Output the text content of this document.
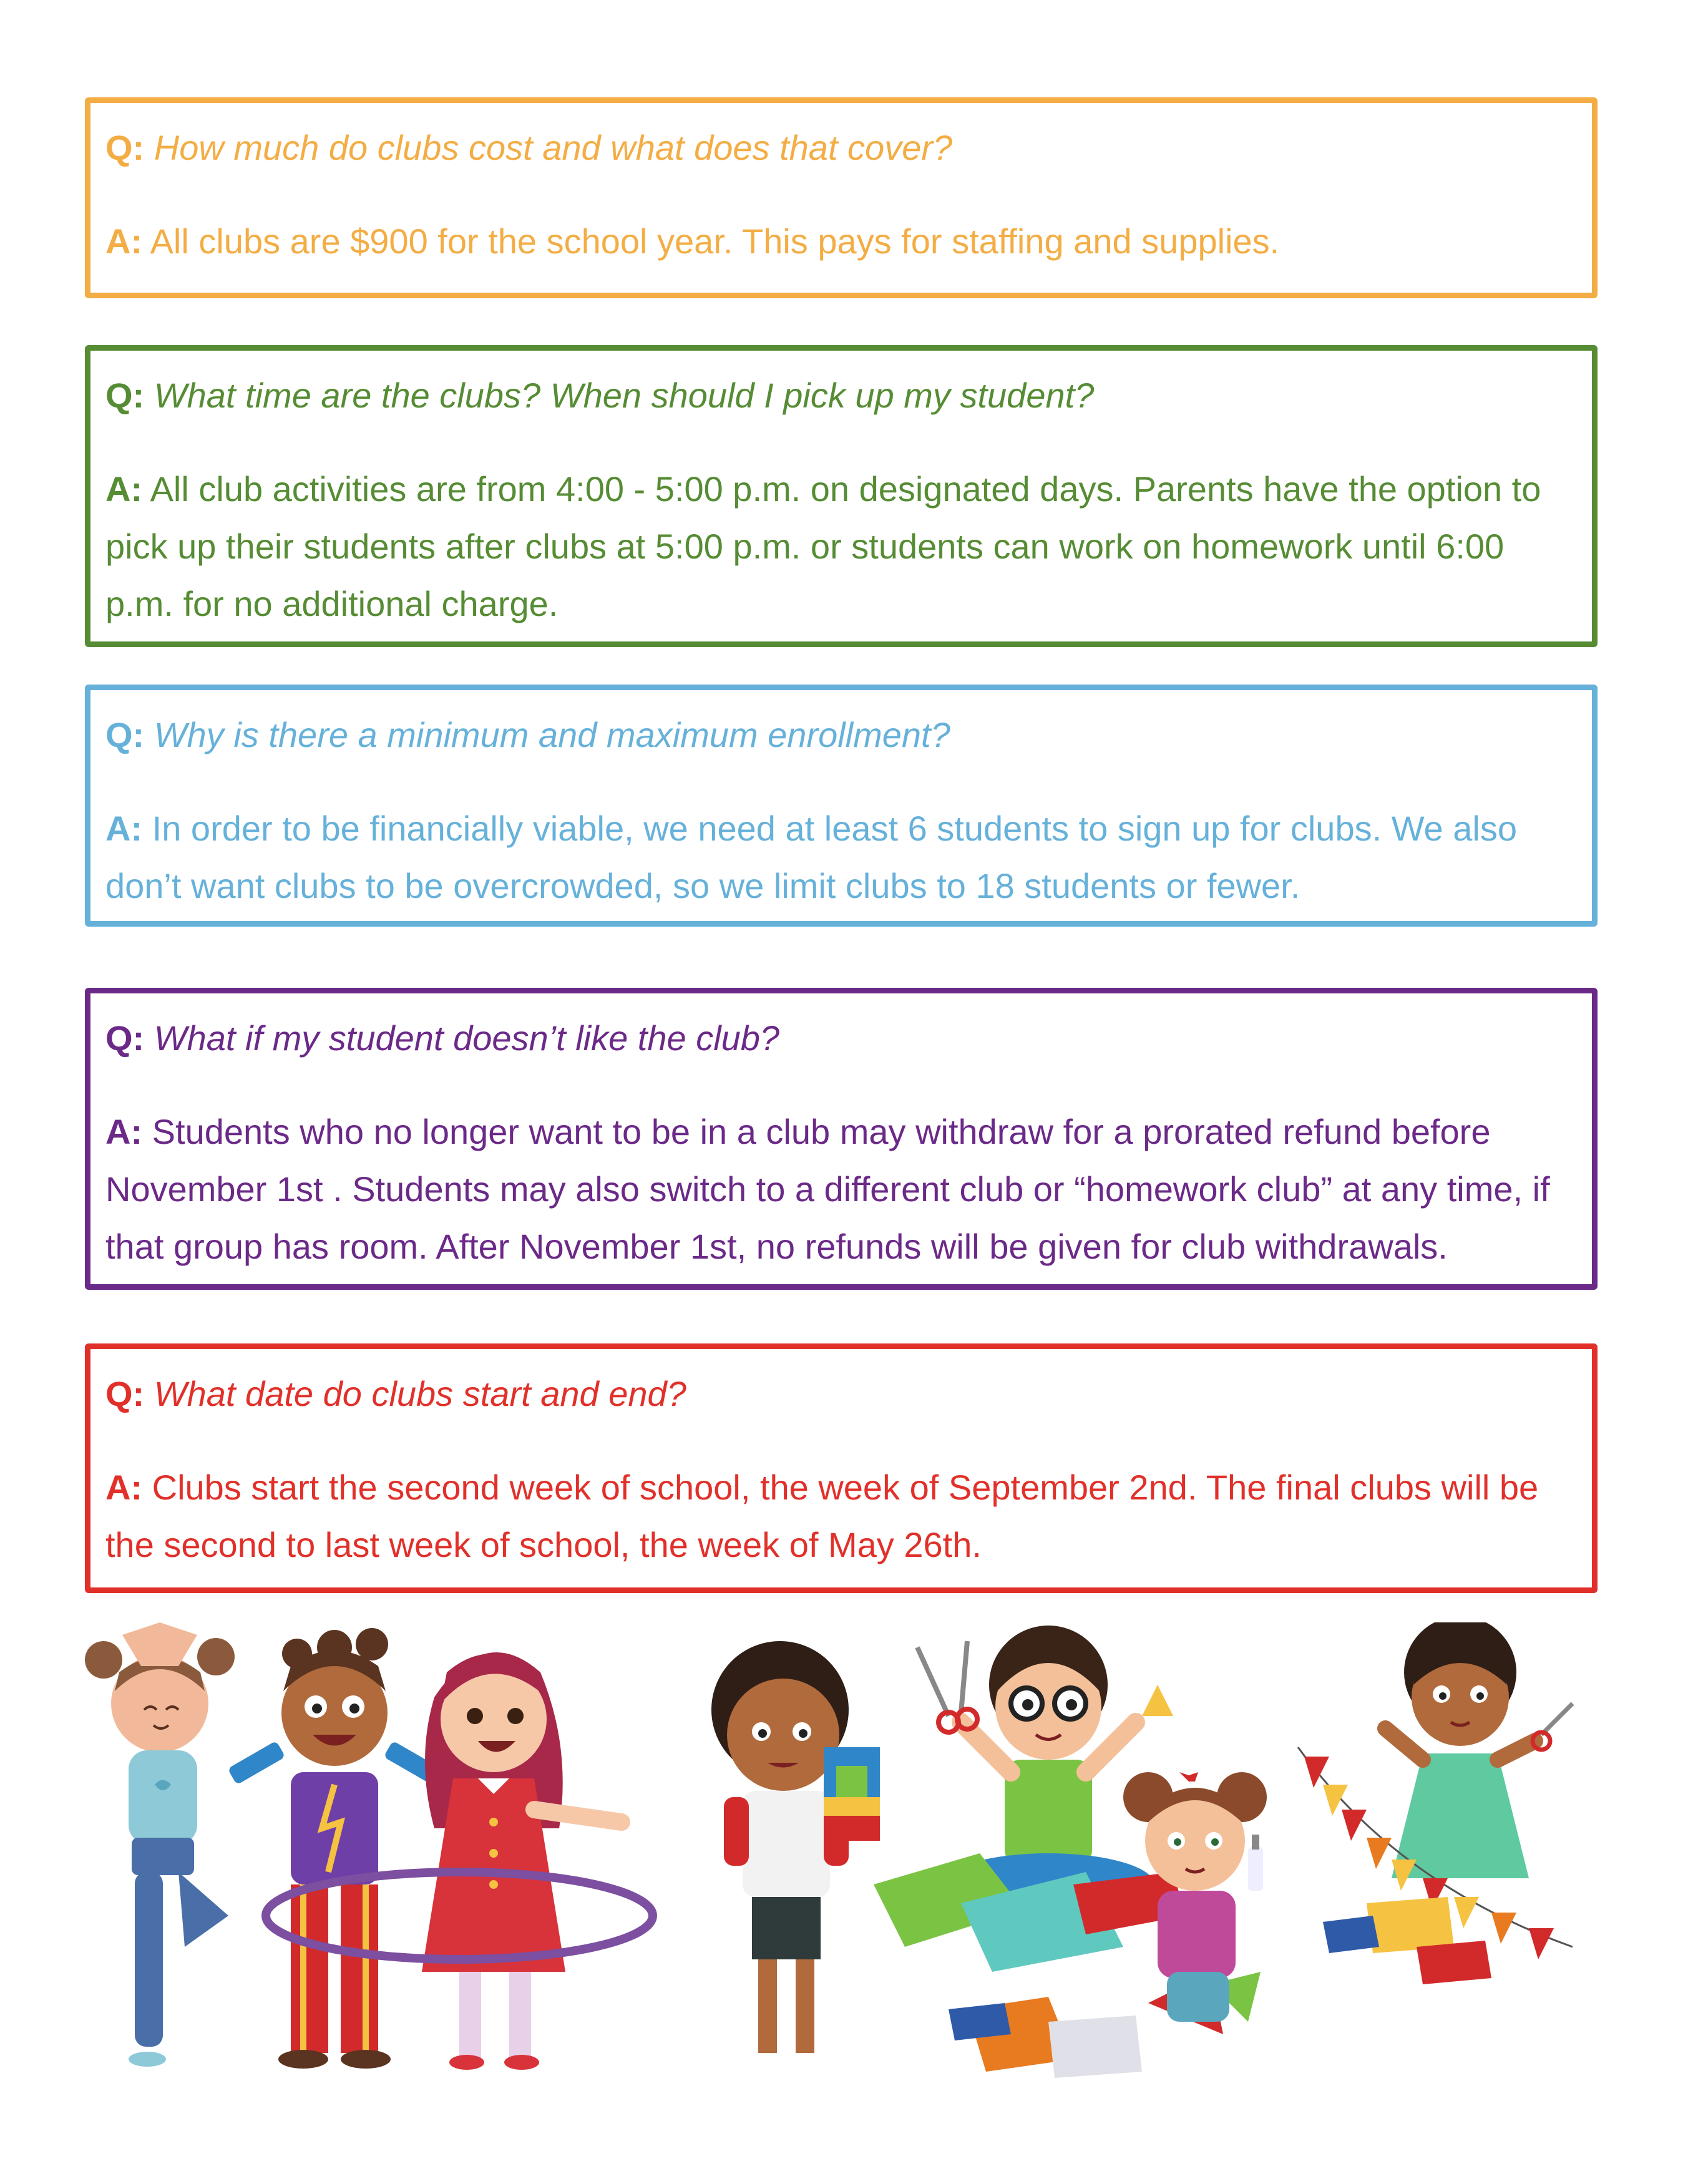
Q: How much do clubs cost and what does that cover?

A: All clubs are $900 for the school year. This pays for staffing and supplies.

Q: What time are the clubs? When should I pick up my student?

A: All club activities are from 4:00 - 5:00 p.m. on designated days. Parents have the option to pick up their students after clubs at 5:00 p.m. or students can work on homework until 6:00 p.m. for no additional charge.

Q: Why is there a minimum and maximum enrollment?

A: In order to be financially viable, we need at least 6 students to sign up for clubs. We also don’t want clubs to be overcrowded, so we limit clubs to 18 students or fewer.

Q: What if my student doesn’t like the club?

A: Students who no longer want to be in a club may withdraw for a prorated refund before November 1st . Students may also switch to a different club or “homework club” at any time, if that group has room. After November 1st, no refunds will be given for club withdrawals.

Q: What date do clubs start and end?

A: Clubs start the second week of school, the week of September 2nd. The final clubs will be the second to last week of school, the week of May 26th.
